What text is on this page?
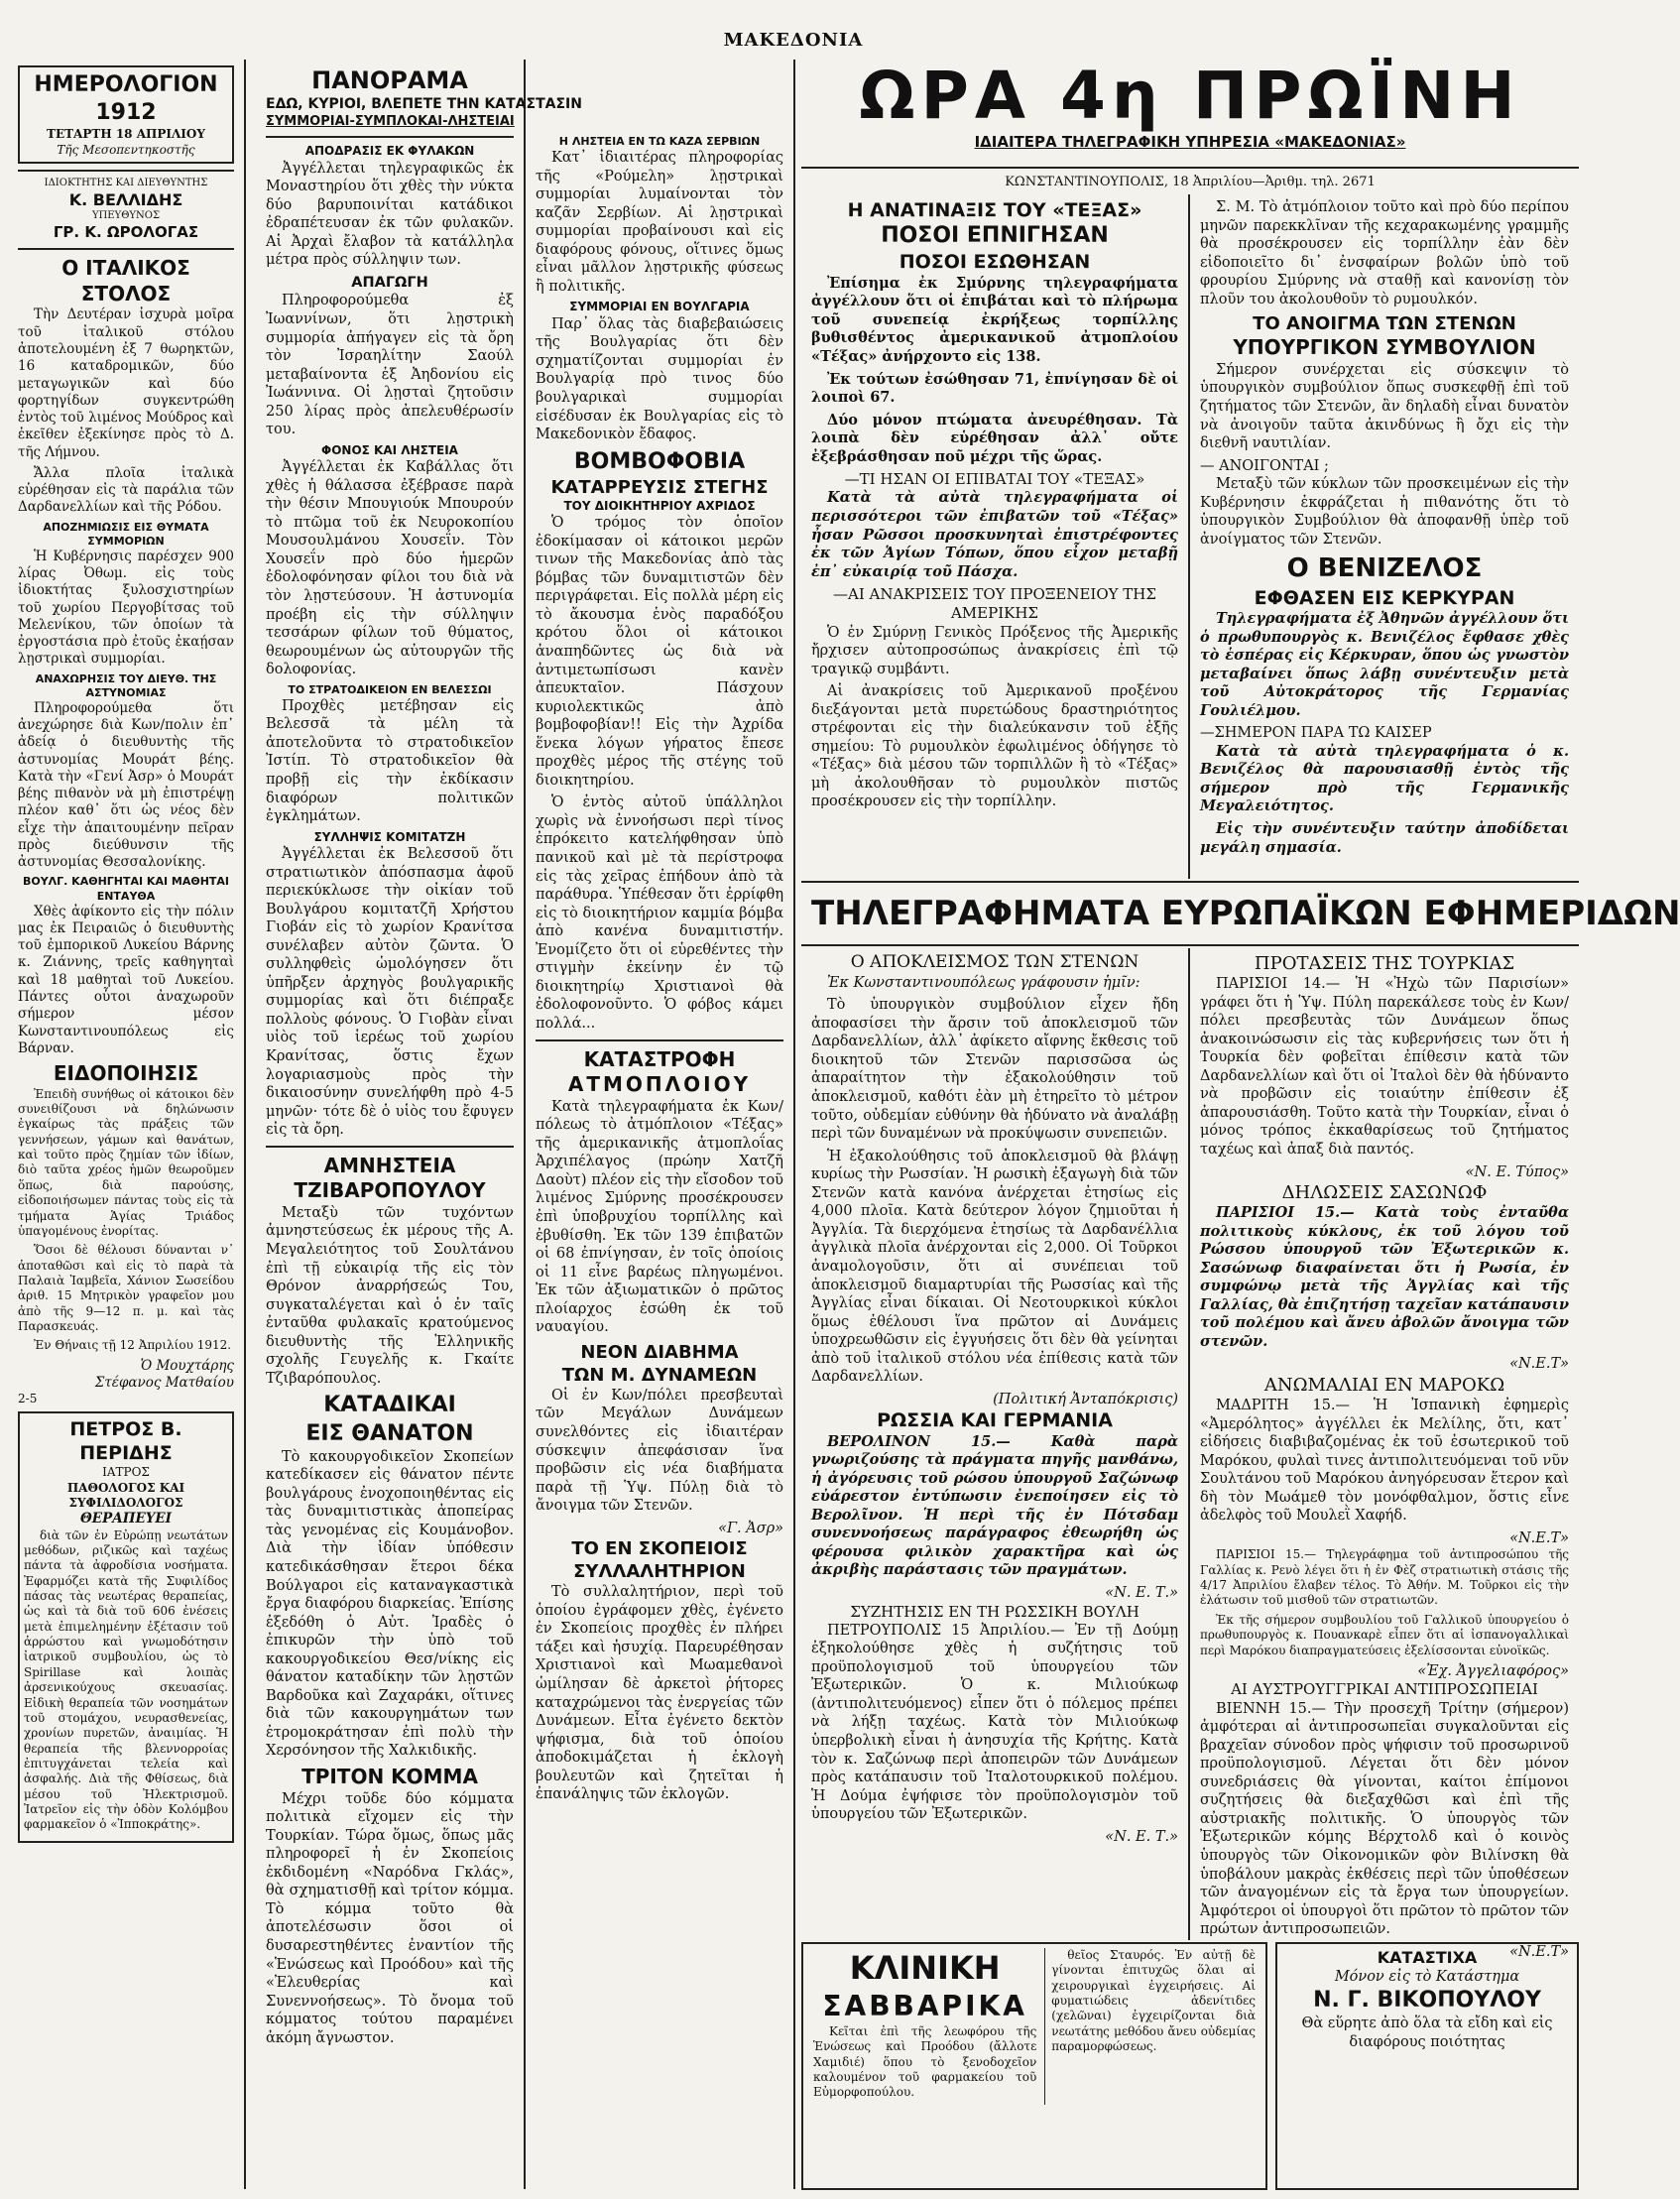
ΜΑΚΕΔΟΝΙΑ
ΗΜΕΡΟΛΟΓΙΟΝ
1912
ΤΕΤΑΡΤΗ 18 ΑΠΡΙΛΙΟΥ
Τῆς Μεσοπεντηκοστῆς
ΙΔΙΟΚΤΗΤΗΣ ΚΑΙ ΔΙΕΥΘΥΝΤΗΣ
Κ. ΒΕΛΛΙΔΗΣ
ΥΠΕΥΘΥΝΟΣ
ΓΡ. Κ. ΩΡΟΛΟΓΑΣ
Ο ΙΤΑΛΙΚΟΣ ΣΤΟΛΟΣ

Τὴν Δευτέραν ἰσχυρὰ μοῖρα τοῦ ἰταλικοῦ στόλου ἀποτελουμένη ἐξ 7 θωρηκτῶν, 16 καταδρομικῶν, δύο μεταγωγικῶν καὶ δύο φορτηγίδων συγκεντρώθη ἐντὸς τοῦ λιμένος Μούδρος καὶ ἐκεῖθεν ἐξεκίνησε πρὸς τὸ Δ. τῆς Λήμνου.

Ἄλλα πλοῖα ἰταλικὰ εὑρέθησαν εἰς τὰ παράλια τῶν Δαρδανελλίων καὶ τῆς Ρόδου.

ΑΠΟΖΗΜΙΩΣΙΣ ΕΙΣ ΘΥΜΑΤΑ ΣΥΜΜΟΡΙΩΝ

Ἡ Κυβέρνησις παρέσχεν 900 λίρας Ὀθωμ. εἰς τοὺς ἰδιοκτήτας ξυλοσχιστηρίων τοῦ χωρίου Περγοβίτσας τοῦ Μελενίκου, τῶν ὁποίων τὰ ἐργοστάσια πρὸ ἐτοῦς ἐκαῄσαν λῃστρικαὶ συμμορίαι.

ΑΝΑΧΩΡΗΣΙΣ ΤΟΥ ΔΙΕΥΘ. ΤΗΣ ΑΣΤΥΝΟΜΙΑΣ

Πληροφορούμεθα ὅτι ἀνεχώρησε διὰ Κων/πολιν ἐπ᾽ ἀδείᾳ ὁ διευθυντὴς τῆς ἀστυνομίας Μουράτ βέης. Κατὰ τὴν «Γενί Ἀσρ» ὁ Μουράτ βέης πιθανὸν νὰ μὴ ἐπιστρέψῃ πλέον καθ᾽ ὅτι ὡς νέος δὲν εἶχε τὴν ἀπαιτουμένην πεῖραν πρὸς διεύθυνσιν τῆς ἀστυνομίας Θεσσαλονίκης.

ΒΟΥΛΓ. ΚΑΘΗΓΗΤΑΙ ΚΑΙ ΜΑΘΗΤΑΙ ΕΝΤΑΥΘΑ

Χθὲς ἀφίκοντο εἰς τὴν πόλιν μας ἐκ Πειραιῶς ὁ διευθυντὴς τοῦ ἐμπορικοῦ Λυκείου Βάρνης κ. Ζιάννης, τρεῖς καθηγηταὶ καὶ 18 μαθηταὶ τοῦ Λυκείου. Πάντες οὗτοι ἀναχωροῦν σήμερον μέσον Κωνσταντινουπόλεως εἰς Βάρναν.

ΕΙΔΟΠΟΙΗΣΙΣ

Ἐπειδὴ συνήθως οἱ κάτοικοι δὲν συνειθίζουσι νὰ δηλώνωσιν ἐγκαίρως τὰς πράξεις τῶν γεννήσεων, γάμων καὶ θανάτων, καὶ τοῦτο πρὸς ζημίαν τῶν ἰδίων, διὸ ταῦτα χρέος ἡμῶν θεωροῦμεν ὅπως, διὰ παρούσης, εἰδοποιήσωμεν πάντας τοὺς εἰς τὰ τμήματα Ἁγίας Τριάδος ὑπαγομένους ἐνορίτας.

Ὅσοι δὲ θέλουσι δύνανται ν᾽ ἀποταθῶσι καὶ εἰς τὸ παρὰ τὰ Παλαιὰ Ἰαμβεῖα, Χάνιον Σωσείδου ἀριθ. 15 Μητρικὸν γραφεῖον μου ἀπὸ τῆς 9—12 π. μ. καὶ τὰς Παρασκευάς.

Ἐν Θήναις τῇ 12 Ἀπριλίου 1912.

Ὁ Μουχτάρης
Στέφανος Ματθαίου
2-5
ΠΕΤΡΟΣ Β. ΠΕΡΙΔΗΣ
ΙΑΤΡΟΣ
ΠΑΘΟΛΟΓΟΣ ΚΑΙ ΣΥΦΙΛΙΔΟΛΟΓΟΣ
ΘΕΡΑΠΕΥΕΙ

διὰ τῶν ἐν Εὐρώπῃ νεωτάτων μεθόδων, ριζικῶς καὶ ταχέως πάντα τὰ ἀφροδίσια νοσήματα. Ἐφαρμόζει κατὰ τῆς Συφιλίδος πάσας τὰς νεωτέρας θεραπείας, ὡς καὶ τὰ διὰ τοῦ 606 ἐνέσεις μετὰ ἐπιμελημένην ἐξέτασιν τοῦ ἀρρώστου καὶ γνωμοδότησιν ἰατρικοῦ συμβουλίου, ὡς τὸ Spirillase καὶ λοιπὰς ἀρσενικούχους σκευασίας. Εἰδικὴ θεραπεία τῶν νοσημάτων τοῦ στομάχου, νευρασθενείας, χρονίων πυρετῶν, ἀναιμίας. Ἡ θεραπεία τῆς βλεννορροίας ἐπιτυγχάνεται τελεία καὶ ἀσφαλής. Διὰ τῆς Φθίσεως, διὰ μέσου τοῦ Ἠλεκτρισμοῦ. Ἰατρεῖον εἰς τὴν ὁδὸν Κολόμβου φαρμακεῖον ὁ «Ἱπποκράτης».

ΠΑΝΟΡΑΜΑ
ΕΔΩ, ΚΥΡΙΟΙ, ΒΛΕΠΕΤΕ ΤΗΝ ΚΑΤΑΣΤΑΣΙΝ
ΣΥΜΜΟΡΙΑΙ-ΣΥΜΠΛΟΚΑΙ-ΛΗΣΤΕΙΑΙ
ΑΠΟΔΡΑΣΙΣ ΕΚ ΦΥΛΑΚΩΝ

Ἀγγέλλεται τηλεγραφικῶς ἐκ Μοναστηρίου ὅτι χθὲς τὴν νύκτα δύο βαρυποινίται κατάδικοι ἐδραπέτευσαν ἐκ τῶν φυλακῶν. Αἱ Ἀρχαὶ ἔλαβον τὰ κατάλληλα μέτρα πρὸς σύλληψιν των.

ΑΠΑΓΩΓΗ

Πληροφορούμεθα ἐξ Ἰωαννίνων, ὅτι λῃστρικὴ συμμορία ἀπήγαγεν εἰς τὰ ὄρη τὸν Ἰσραηλίτην Σαούλ μεταβαίνοντα ἐξ Ἀηδονίου εἰς Ἰωάννινα. Οἱ λῃσταὶ ζητοῦσιν 250 λίρας πρὸς ἀπελευθέρωσίν του.

ΦΟΝΟΣ ΚΑΙ ΛΗΣΤΕΙΑ

Ἀγγέλλεται ἐκ Καβάλλας ὅτι χθὲς ἡ θάλασσα ἐξέβρασε παρὰ τὴν θέσιν Μπουγιούκ Μπουρούν τὸ πτῶμα τοῦ ἐκ Νευροκοπίου Μουσουλμάνου Χουσεΐν. Τὸν Χουσεΐν πρὸ δύο ἡμερῶν ἐδολοφόνησαν φίλοι του διὰ νὰ τὸν λῃστεύσουν. Ἡ ἀστυνομία προέβη εἰς τὴν σύλληψιν τεσσάρων φίλων τοῦ θύματος, θεωρουμένων ὡς αὐτουργῶν τῆς δολοφονίας.

ΤΟ ΣΤΡΑΤΟΔΙΚΕΙΟΝ ΕΝ ΒΕΛΕΣΣΩΙ

Προχθὲς μετέβησαν εἰς Βελεσσᾶ τὰ μέλη τὰ ἀποτελοῦντα τὸ στρατοδικεῖον Ἰστίπ. Τὸ στρατοδικεῖον θὰ προβῇ εἰς τὴν ἐκδίκασιν διαφόρων πολιτικῶν ἐγκλημάτων.

ΣΥΛΛΗΨΙΣ ΚΟΜΙΤΑΤΖΗ

Ἀγγέλλεται ἐκ Βελεσσοῦ ὅτι στρατιωτικὸν ἀπόσπασμα ἀφοῦ περιεκύκλωσε τὴν οἰκίαν τοῦ Βουλγάρου κομιτατζῆ Χρήστου Γιοβάν εἰς τὸ χωρίον Κρανίτσα συνέλαβεν αὐτὸν ζῶντα. Ὁ συλληφθεὶς ὡμολόγησεν ὅτι ὑπῆρξεν ἀρχηγὸς βουλγαρικῆς συμμορίας καὶ ὅτι διέπραξε πολλοὺς φόνους. Ὁ Γιοβὰν εἶναι υἱὸς τοῦ ἱερέως τοῦ χωρίου Κρανίτσας, ὅστις ἔχων λογαριασμοὺς πρὸς τὴν δικαιοσύνην συνελήφθη πρὸ 4-5 μηνῶν· τότε δὲ ὁ υἱὸς του ἔφυγεν εἰς τὰ ὄρη.

ΑΜΝΗΣΤΕΙΑ
ΤΖΙΒΑΡΟΠΟΥΛΟΥ

Μεταξὺ τῶν τυχόντων ἀμνηστεύσεως ἐκ μέρους τῆς Α. Μεγαλειότητος τοῦ Σουλτάνου ἐπὶ τῇ εὐκαιρίᾳ τῆς εἰς τὸν Θρόνον ἀναρρήσεώς Του, συγκαταλέγεται καὶ ὁ ἐν ταῖς ἐνταῦθα φυλακαῖς κρατούμενος διευθυντὴς τῆς Ἑλληνικῆς σχολῆς Γευγελῆς κ. Γκαίτε Τζιβαρόπουλος.

ΚΑΤΑΔΙΚΑΙ
ΕΙΣ ΘΑΝΑΤΟΝ

Τὸ κακουργοδικεῖον Σκοπείων κατεδίκασεν εἰς θάνατον πέντε βουλγάρους ἐνοχοποιηθέντας εἰς τὰς δυναμιτιστικὰς ἀποπείρας τὰς γενομένας εἰς Κουμάνοβον. Διὰ τὴν ἰδίαν ὑπόθεσιν κατεδικάσθησαν ἕτεροι δέκα Βούλγαροι εἰς καταναγκαστικὰ ἔργα διαφόρου διαρκείας. Ἐπίσης ἐξεδόθη ὁ Αὐτ. Ἰραδὲς ὁ ἐπικυρῶν τὴν ὑπὸ τοῦ κακουργοδικείου Θεσ/νίκης εἰς θάνατον καταδίκην τῶν λῃστῶν Βαρδοῦκα καὶ Ζαχαράκι, οἵτινες διὰ τῶν κακουργημάτων των ἐτρομοκράτησαν ἐπὶ πολὺ τὴν Χερσόνησον τῆς Χαλκιδικῆς.

ΤΡΙΤΟΝ ΚΟΜΜΑ

Μέχρι τοῦδε δύο κόμματα πολιτικὰ εἴχομεν εἰς τὴν Τουρκίαν. Τώρα ὅμως, ὅπως μᾶς πληροφορεῖ ἡ ἐν Σκοπείοις ἐκδιδομένη «Ναρόδνα Γκλάς», θὰ σχηματισθῇ καὶ τρίτον κόμμα. Τὸ κόμμα τοῦτο θὰ ἀποτελέσωσιν ὅσοι οἱ δυσαρεστηθέντες ἐναντίον τῆς «Ἑνώσεως καὶ Προόδου» καὶ τῆς «Ἐλευθερίας καὶ Συνεννοήσεως». Τὸ ὄνομα τοῦ κόμματος τούτου παραμένει ἀκόμη ἄγνωστον.

Η ΛΗΣΤΕΙΑ ΕΝ ΤΩ ΚΑΖΑ ΣΕΡΒΙΩΝ

Κατ᾽ ἰδιαιτέρας πληροφορίας τῆς «Ρούμελη» λῃστρικαὶ συμμορίαι λυμαίνονται τὸν καζᾶν Σερβίων. Αἱ λῃστρικαὶ συμμορίαι προβαίνουσι καὶ εἰς διαφόρους φόνους, οἵτινες ὅμως εἶναι μᾶλλον λῃστρικῆς φύσεως ἢ πολιτικῆς.

ΣΥΜΜΟΡΙΑΙ ΕΝ ΒΟΥΛΓΑΡΙΑ

Παρ᾽ ὅλας τὰς διαβεβαιώσεις τῆς Βουλγαρίας ὅτι δὲν σχηματίζονται συμμορίαι ἐν Βουλγαρίᾳ πρὸ τινος δύο βουλγαρικαὶ συμμορίαι εἰσέδυσαν ἐκ Βουλγαρίας εἰς τὸ Μακεδονικὸν ἔδαφος.

ΒΟΜΒΟΦΟΒΙΑ
ΚΑΤΑΡΡΕΥΣΙΣ ΣΤΕΓΗΣ
ΤΟΥ ΔΙΟΙΚΗΤΗΡΙΟΥ ΑΧΡΙΔΟΣ

Ὁ τρόμος τὸν ὁποῖον ἐδοκίμασαν οἱ κάτοικοι μερῶν τινων τῆς Μακεδονίας ἀπὸ τὰς βόμβας τῶν δυναμιτιστῶν δὲν περιγράφεται. Εἰς πολλὰ μέρη εἰς τὸ ἄκουσμα ἑνὸς παραδόξου κρότου ὅλοι οἱ κάτοικοι ἀναπηδῶντες ὡς διὰ νὰ ἀντιμετωπίσωσι κανὲν ἀπευκταῖον. Πάσχουν κυριολεκτικῶς ἀπὸ βομβοφοβίαν!! Εἰς τὴν Ἀχρίδα ἕνεκα λόγων γήρατος ἔπεσε προχθὲς μέρος τῆς στέγης τοῦ διοικητηρίου.

Ὁ ἐντὸς αὐτοῦ ὑπάλληλοι χωρὶς νὰ ἐννοήσωσι περὶ τίνος ἐπρόκειτο κατελήφθησαν ὑπὸ πανικοῦ καὶ μὲ τὰ περίστροφα εἰς τὰς χεῖρας ἐπήδουν ἀπὸ τὰ παράθυρα. Ὑπέθεσαν ὅτι ἐρρίφθη εἰς τὸ διοικητήριον καμμία βόμβα ἀπὸ κανένα δυναμιτιστήν. Ἐνομίζετο ὅτι οἱ εὑρεθέντες τὴν στιγμὴν ἐκείνην ἐν τῷ διοικητηρίῳ Χριστιανοὶ θὰ ἐδολοφονοῦντο. Ὁ φόβος κάμει πολλά...

ΚΑΤΑΣΤΡΟΦΗ
ΑΤΜΟΠΛΟΙΟΥ

Κατὰ τηλεγραφήματα ἐκ Κων/πόλεως τὸ ἀτμόπλοιον «Τέξας» τῆς ἀμερικανικῆς ἀτμοπλοΐας Ἀρχιπέλαγος (πρώην Χατζῆ Δαοὺτ) πλέον εἰς τὴν εἴσοδον τοῦ λιμένος Σμύρνης προσέκρουσεν ἐπὶ ὑποβρυχίου τορπίλλης καὶ ἐβυθίσθη. Ἐκ τῶν 139 ἐπιβατῶν οἱ 68 ἐπνίγησαν, ἐν τοῖς ὁποίοις οἱ 11 εἶνε βαρέως πληγωμένοι. Ἐκ τῶν ἀξιωματικῶν ὁ πρῶτος πλοίαρχος ἐσώθη ἐκ τοῦ ναυαγίου.

ΝΕΟΝ ΔΙΑΒΗΜΑ
ΤΩΝ Μ. ΔΥΝΑΜΕΩΝ

Οἱ ἐν Κων/πόλει πρεσβευταὶ τῶν Μεγάλων Δυνάμεων συνελθόντες εἰς ἰδιαιτέραν σύσκεψιν ἀπεφάσισαν ἵνα προβῶσιν εἰς νέα διαβήματα παρὰ τῇ Ὑψ. Πύλῃ διὰ τὸ ἄνοιγμα τῶν Στενῶν.

«Γ. Ἀσρ»
ΤΟ ΕΝ ΣΚΟΠΕΙΟΙΣ
ΣΥΛΛΑΛΗΤΗΡΙΟΝ

Τὸ συλλαλητήριον, περὶ τοῦ ὁποίου ἐγράφομεν χθὲς, ἐγένετο ἐν Σκοπείοις προχθὲς ἐν πλήρει τάξει καὶ ἡσυχίᾳ. Παρευρέθησαν Χριστιανοὶ καὶ Μωαμεθανοὶ ὡμίλησαν δὲ ἀρκετοὶ ῥήτορες καταχρώμενοι τὰς ἐνεργείας τῶν Δυνάμεων. Εἶτα ἐγένετο δεκτὸν ψήφισμα, διὰ τοῦ ὁποίου ἀποδοκιμάζεται ἡ ἐκλογὴ βουλευτῶν καὶ ζητεῖται ἡ ἐπανάληψις τῶν ἐκλογῶν.

ΩΡΑ 4η ΠΡΩΪΝΗ
ΙΔΙΑΙΤΕΡΑ ΤΗΛΕΓΡΑΦΙΚΗ ΥΠΗΡΕΣΙΑ «ΜΑΚΕΔΟΝΙΑΣ»
ΚΩΝΣΤΑΝΤΙΝΟΥΠΟΛΙΣ, 18 Ἀπριλίου—Ἀριθμ. τηλ. 2671
Η ΑΝΑΤΙΝΑΞΙΣ ΤΟΥ «ΤΕΞΑΣ»
ΠΟΣΟΙ ΕΠΝΙΓΗΣΑΝ
ΠΟΣΟΙ ΕΣΩΘΗΣΑΝ

Ἐπίσημα ἐκ Σμύρνης τηλεγραφήματα ἀγγέλλουν ὅτι οἱ ἐπιβάται καὶ τὸ πλήρωμα τοῦ συνεπείᾳ ἐκρήξεως τορπίλλης βυθισθέντος ἀμερικανικοῦ ἀτμοπλοίου «Τέξας» ἀνήρχοντο εἰς 138.

Ἐκ τούτων ἐσώθησαν 71, ἐπνίγησαν δὲ οἱ λοιποὶ 67.

Δύο μόνον πτώματα ἀνευρέθησαν. Τὰ λοιπὰ δὲν εὑρέθησαν ἀλλ᾽ οὔτε ἐξεβράσθησαν ποῦ μέχρι τῆς ὥρας.

—ΤΙ ΗΣΑΝ ΟΙ ΕΠΙΒΑΤΑΙ ΤΟΥ «ΤΕΞΑΣ»

Κατὰ τὰ αὐτὰ τηλεγραφήματα οἱ περισσότεροι τῶν ἐπιβατῶν τοῦ «Τέξας» ἦσαν Ρῶσσοι προσκυνηταὶ ἐπιστρέφοντες ἐκ τῶν Ἁγίων Τόπων, ὅπου εἶχον μεταβῇ ἐπ᾽ εὐκαιρίᾳ τοῦ Πάσχα.

—ΑΙ ΑΝΑΚΡΙΣΕΙΣ ΤΟΥ ΠΡΟΞΕΝΕΙΟΥ ΤΗΣ ΑΜΕΡΙΚΗΣ

Ὁ ἐν Σμύρνῃ Γενικὸς Πρόξενος τῆς Ἀμερικῆς ἤρχισεν αὐτοπροσώπως ἀνακρίσεις ἐπὶ τῷ τραγικῷ συμβάντι.

Αἱ ἀνακρίσεις τοῦ Ἀμερικανοῦ προξένου διεξάγονται μετὰ πυρετώδους δραστηριότητος στρέφονται εἰς τὴν διαλεύκανσιν τοῦ ἑξῆς σημείου: Τὸ ρυμουλκὸν ἐφωλιμένος ὁδήγησε τὸ «Τέξας» διὰ μέσου τῶν τορπιλλῶν ἢ τὸ «Τέξας» μὴ ἀκολουθῆσαν τὸ ρυμουλκὸν πιστῶς προσέκρουσεν εἰς τὴν τορπίλλην.

Σ. Μ. Τὸ ἀτμόπλοιον τοῦτο καὶ πρὸ δύο περίπου μηνῶν παρεκκλῖναν τῆς κεχαρακωμένης γραμμῆς θὰ προσέκρουσεν εἰς τορπίλλην ἐὰν δὲν εἰδοποιεῖτο δι᾽ ἐνσφαίρων βολῶν ὑπὸ τοῦ φρουρίου Σμύρνης νὰ σταθῇ καὶ κανονίσῃ τὸν πλοῦν του ἀκολουθοῦν τὸ ρυμουλκόν.

ΤΟ ΑΝΟΙΓΜΑ ΤΩΝ ΣΤΕΝΩΝ
ΥΠΟΥΡΓΙΚΟΝ ΣΥΜΒΟΥΛΙΟΝ

Σήμερον συνέρχεται εἰς σύσκεψιν τὸ ὑπουργικὸν συμβούλιον ὅπως συσκεφθῇ ἐπὶ τοῦ ζητήματος τῶν Στενῶν, ἂν δηλαδὴ εἶναι δυνατὸν νὰ ἀνοιγοῦν ταῦτα ἀκινδύνως ἢ ὄχι εἰς τὴν διεθνῆ ναυτιλίαν.

— ΑΝΟΙΓΟΝΤΑΙ ;

Μεταξὺ τῶν κύκλων τῶν προσκειμένων εἰς τὴν Κυβέρνησιν ἐκφράζεται ἡ πιθανότης ὅτι τὸ ὑπουργικὸν Συμβούλιον θὰ ἀποφανθῇ ὑπὲρ τοῦ ἀνοίγματος τῶν Στενῶν.

Ο ΒΕΝΙΖΕΛΟΣ
ΕΦΘΑΣΕΝ ΕΙΣ ΚΕΡΚΥΡΑΝ

Τηλεγραφήματα ἐξ Ἀθηνῶν ἀγγέλλουν ὅτι ὁ πρωθυπουργὸς κ. Βενιζέλος ἔφθασε χθὲς τὸ ἑσπέρας εἰς Κέρκυραν, ὅπου ὡς γνωστὸν μεταβαίνει ὅπως λάβῃ συνέντευξιν μετὰ τοῦ Αὐτοκράτορος τῆς Γερμανίας Γουλιέλμου.

—ΣΗΜΕΡΟΝ ΠΑΡΑ ΤΩ ΚΑΙΣΕΡ

Κατὰ τὰ αὐτὰ τηλεγραφήματα ὁ κ. Βενιζέλος θὰ παρουσιασθῇ ἐντὸς τῆς σήμερον πρὸ τῆς Γερμανικῆς Μεγαλειότητος.

Εἰς τὴν συνέντευξιν ταύτην ἀποδίδεται μεγάλη σημασία.

ΤΗΛΕΓΡΑΦΗΜΑΤΑ ΕΥΡΩΠΑΪΚΩΝ ΕΦΗΜΕΡΙΔΩΝ
Ο ΑΠΟΚΛΕΙΣΜΟΣ ΤΩΝ ΣΤΕΝΩΝ

Ἐκ Κωνσταντινουπόλεως γράφουσιν ἡμῖν:

Τὸ ὑπουργικὸν συμβούλιον εἶχεν ἤδη ἀποφασίσει τὴν ἄρσιν τοῦ ἀποκλεισμοῦ τῶν Δαρδανελλίων, ἀλλ᾽ ἀφίκετο αἴφνης ἔκθεσις τοῦ διοικητοῦ τῶν Στενῶν παρισσῶσα ὡς ἀπαραίτητον τὴν ἐξακολούθησιν τοῦ ἀποκλεισμοῦ, καθότι ἐὰν μὴ ἐτηρεῖτο τὸ μέτρον τοῦτο, οὐδεμίαν εὐθύνην θὰ ἠδύνατο νὰ ἀναλάβῃ περὶ τῶν δυναμένων νὰ προκύψωσιν συνεπειῶν.

Ἡ ἐξακολούθησις τοῦ ἀποκλεισμοῦ θὰ βλάψῃ κυρίως τὴν Ρωσσίαν. Ἡ ρωσικὴ ἐξαγωγὴ διὰ τῶν Στενῶν κατὰ κανόνα ἀνέρχεται ἐτησίως εἰς 4,000 πλοῖα. Κατὰ δεύτερον λόγον ζημιοῦται ἡ Ἀγγλία. Τὰ διερχόμενα ἐτησίως τὰ Δαρδανέλλια ἀγγλικὰ πλοῖα ἀνέρχονται εἰς 2,000. Οἱ Τοῦρκοι ἀναμολογοῦσιν, ὅτι αἱ συνέπειαι τοῦ ἀποκλεισμοῦ διαμαρτυρίαι τῆς Ρωσσίας καὶ τῆς Ἀγγλίας εἶναι δίκαιαι. Οἱ Νεοτουρκικοὶ κύκλοι ὅμως ἐθέλουσι ἵνα πρῶτον αἱ Δυνάμεις ὑποχρεωθῶσιν εἰς ἐγγυήσεις ὅτι δὲν θὰ γείνηται ἀπὸ τοῦ ἰταλικοῦ στόλου νέα ἐπίθεσις κατὰ τῶν Δαρδανελλίων.

(Πολιτική Ἀνταπόκρισις)
ΡΩΣΣΙΑ ΚΑΙ ΓΕΡΜΑΝΙΑ

ΒΕΡΟΛΙΝΟΝ 15.— Καθὰ παρὰ γνωριζούσης τὰ πράγματα πηγῆς μανθάνω, ἡ ἀγόρευσις τοῦ ρώσου ὑπουργοῦ Σαζώνωφ εὐάρεστον ἐντύπωσιν ἐνεποίησεν εἰς τὸ Βερολῖνον. Ἡ περὶ τῆς ἐν Πότσδαμ συνεννοήσεως παράγραφος ἐθεωρήθη ὡς φέρουσα φιλικὸν χαρακτῆρα καὶ ὡς ἀκριβὴς παράστασις τῶν πραγμάτων.

«Ν. Ε. Τ.»
ΣΥΖΗΤΗΣΙΣ ΕΝ ΤΗ ΡΩΣΣΙΚΗ ΒΟΥΛΗ

ΠΕΤΡΟΥΠΟΛΙΣ 15 Ἀπριλίου.— Ἐν τῇ Δούμῃ ἐξηκολούθησε χθὲς ἡ συζήτησις τοῦ προϋπολογισμοῦ τοῦ ὑπουργείου τῶν Ἐξωτερικῶν. Ὁ κ. Μιλιούκωφ (ἀντιπολιτευόμενος) εἶπεν ὅτι ὁ πόλεμος πρέπει νὰ λήξῃ ταχέως. Κατὰ τὸν Μιλιούκωφ ὑπερβολικὴ εἶναι ἡ ἀνησυχία τῆς Κρήτης. Κατὰ τὸν κ. Σαζώνωφ περὶ ἀποπειρῶν τῶν Δυνάμεων πρὸς κατάπαυσιν τοῦ Ἰταλοτουρκικοῦ πολέμου. Ἡ Δούμα ἐψήφισε τὸν προϋπολογισμὸν τοῦ ὑπουργείου τῶν Ἐξωτερικῶν.

«Ν. Ε. Τ.»
ΠΡΟΤΑΣΕΙΣ ΤΗΣ ΤΟΥΡΚΙΑΣ

ΠΑΡΙΣΙΟΙ 14.— Ἡ «Ἠχὼ τῶν Παρισίων» γράφει ὅτι ἡ Ὑψ. Πύλη παρεκάλεσε τοὺς ἐν Κων/πόλει πρεσβευτὰς τῶν Δυνάμεων ὅπως ἀνακοινώσωσιν εἰς τὰς κυβερνήσεις των ὅτι ἡ Τουρκία δὲν φοβεῖται ἐπίθεσιν κατὰ τῶν Δαρδανελλίων καὶ ὅτι οἱ Ἰταλοὶ δὲν θὰ ἠδύναντο νὰ προβῶσιν εἰς τοιαύτην ἐπίθεσιν ἐξ ἀπαρουσιάσθη. Τοῦτο κατὰ τὴν Τουρκίαν, εἶναι ὁ μόνος τρόπος ἐκκαθαρίσεως τοῦ ζητήματος ταχέως καὶ ἀπαξ διὰ παντός.

«Ν. Ε. Τύπος»
ΔΗΛΩΣΕΙΣ ΣΑΣΩΝΩΦ

ΠΑΡΙΣΙΟΙ 15.— Κατὰ τοὺς ἐνταῦθα πολιτικοὺς κύκλους, ἐκ τοῦ λόγου τοῦ Ρώσσου ὑπουργοῦ τῶν Ἐξωτερικῶν κ. Σασώνωφ διαφαίνεται ὅτι ἡ Ρωσία, ἐν συμφώνῳ μετὰ τῆς Ἀγγλίας καὶ τῆς Γαλλίας, θὰ ἐπιζητήσῃ ταχεῖαν κατάπαυσιν τοῦ πολέμου καὶ ἄνευ ἀβολῶν ἄνοιγμα τῶν στενῶν.

«Ν.Ε.Τ»
ΑΝΩΜΑΛΙΑΙ ΕΝ ΜΑΡΟΚΩ

ΜΑΔΡΙΤΗ 15.— Ἡ Ἰσπανικὴ ἐφημερὶς «Ἀμερόλητος» ἀγγέλλει ἐκ Μελίλης, ὅτι, κατ᾽ εἰδήσεις διαβιβαζομένας ἐκ τοῦ ἐσωτερικοῦ τοῦ Μαρόκου, φυλαὶ τινες ἀντιπολιτευόμεναι τοῦ νῦν Σουλτάνου τοῦ Μαρόκου ἀνηγόρευσαν ἕτερον καὶ δὴ τὸν Μωάμεθ τὸν μονόφθαλμον, ὅστις εἶνε ἀδελφὸς τοῦ Μουλεῒ Χαφήδ.

«Ν.Ε.Τ»

ΠΑΡΙΣΙΟΙ 15.— Τηλεγράφημα τοῦ ἀντιπροσώπου τῆς Γαλλίας κ. Ρενὸ λέγει ὅτι ἡ ἐν Φὲζ στρατιωτικὴ στάσις τῆς 4/17 Ἀπριλίου ἔλαβεν τέλος. Τὸ Ἀθήν. Μ. Τοῦρκοι εἰς τὴν ἐλάτωσιν τοῦ μισθοῦ τῶν στρατιωτῶν.

Ἐκ τῆς σήμερον συμβουλίου τοῦ Γαλλικοῦ ὑπουργείου ὁ πρωθυπουργὸς κ. Πουανκαρὲ εἶπεν ὅτι αἱ ἰσπανογαλλικαὶ περὶ Μαρόκου διαπραγματεύσεις ἐξελίσσονται εὐνοϊκῶς.

«Ἐχ. Ἀγγελιαφόρος»
ΑΙ ΑΥΣΤΡΟΥΓΓΡΙΚΑΙ ΑΝΤΙΠΡΟΣΩΠΕΙΑΙ

ΒΙΕΝΝΗ 15.— Τὴν προσεχῆ Τρίτην (σήμερον) ἀμφότεραι αἱ ἀντιπροσωπεῖαι συγκαλοῦνται εἰς βραχεῖαν σύνοδον πρὸς ψήφισιν τοῦ προσωρινοῦ προϋπολογισμοῦ. Λέγεται ὅτι δὲν μόνον συνεδριάσεις θὰ γίνονται, καίτοι ἐπίμονοι συζητήσεις θὰ διεξαχθῶσι καὶ ἐπὶ τῆς αὐστριακῆς πολιτικῆς. Ὁ ὑπουργὸς τῶν Ἐξωτερικῶν κόμης Βέρχτολδ καὶ ὁ κοινὸς ὑπουργὸς τῶν Οἰκονομικῶν φὸν Βιλίνσκη θὰ ὑποβάλουν μακρὰς ἐκθέσεις περὶ τῶν ὑποθέσεων τῶν ἀναγομένων εἰς τὰ ἔργα των ὑπουργείων. Ἀμφότεροι οἱ ὑπουργοὶ ὅτι πρῶτον τὸ πρῶτον τῶν πρώτων ἀντιπροσωπειῶν.

«Ν.Ε.Τ»
ΚΛΙΝΙΚΗ
ΣΑΒΒΑΡΙΚΑ

Κεῖται ἐπὶ τῆς λεωφόρου τῆς Ἑνώσεως καὶ Προόδου (ἄλλοτε Χαμιδιέ) ὅπου τὸ ξενοδοχεῖον καλουμένον τοῦ φαρμακείου τοῦ Εὐμορφοπούλου.

θεῖος Σταυρός. Ἐν αὐτῇ δὲ γίνονται ἐπιτυχῶς ὅλαι αἱ χειρουργικαὶ ἐγχειρήσεις. Αἱ φυματιώδεις ἀδενίτιδες (χελῶναι) ἐγχειρίζονται διὰ νεωτάτης μεθόδου ἄνευ οὐδεμίας παραμορφώσεως.

ΚΑΤΑΣΤΙΧΑ
Μόνον εἰς τὸ Κατάστημα
Ν. Γ. ΒΙΚΟΠΟΥΛΟΥ
Θὰ εὕρητε ἀπὸ ὅλα τὰ εἴδη καὶ εἰς διαφόρους ποιότητας
